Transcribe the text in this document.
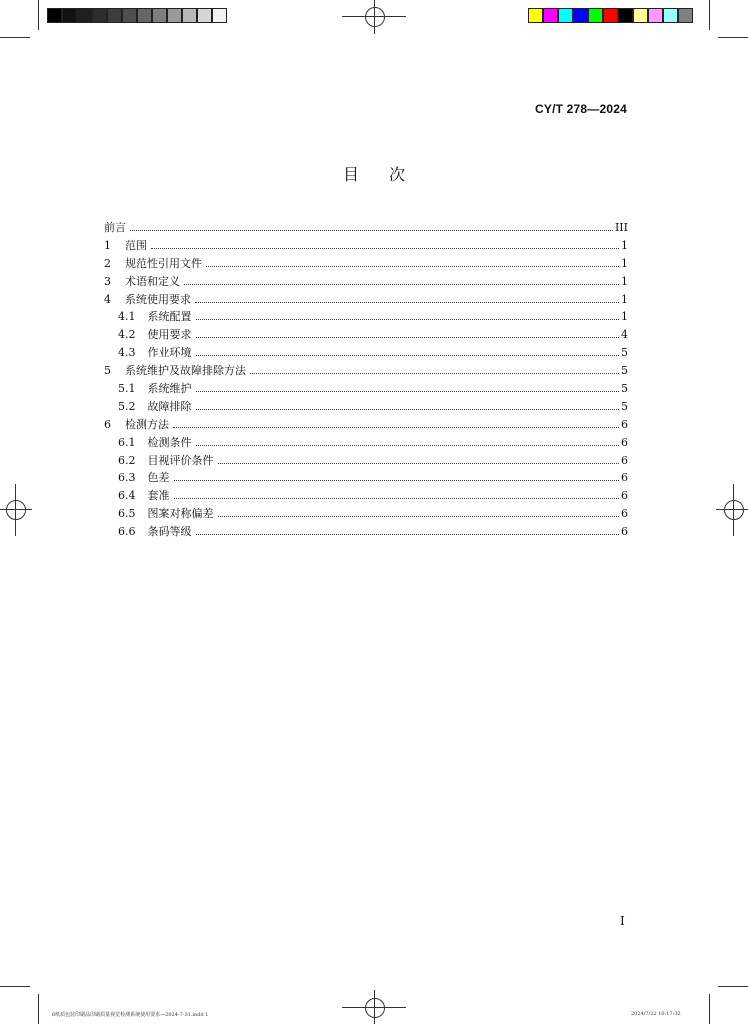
CY/T 278—2024
目次
前言	III
1 范围	1
2 规范性引用文件	1
3 术语和定义	1
4 系统使用要求	1
4.1 系统配置	1
4.2 使用要求	4
4.3 作业环境	5
5 系统维护及故障排除方法	5
5.1 系统维护	5
5.2 故障排除	5
6 检测方法	6
6.1 检测条件	6
6.2 目视评价条件	6
6.3 色差	6
6.4 套准	6
6.5 图案对称偏差	6
6.6 条码等级	6
I
6纸质包装印刷品印刷质量视觉检测系统使用要求—2024-7-31.indd 1	2024/7/22 10:17:32
